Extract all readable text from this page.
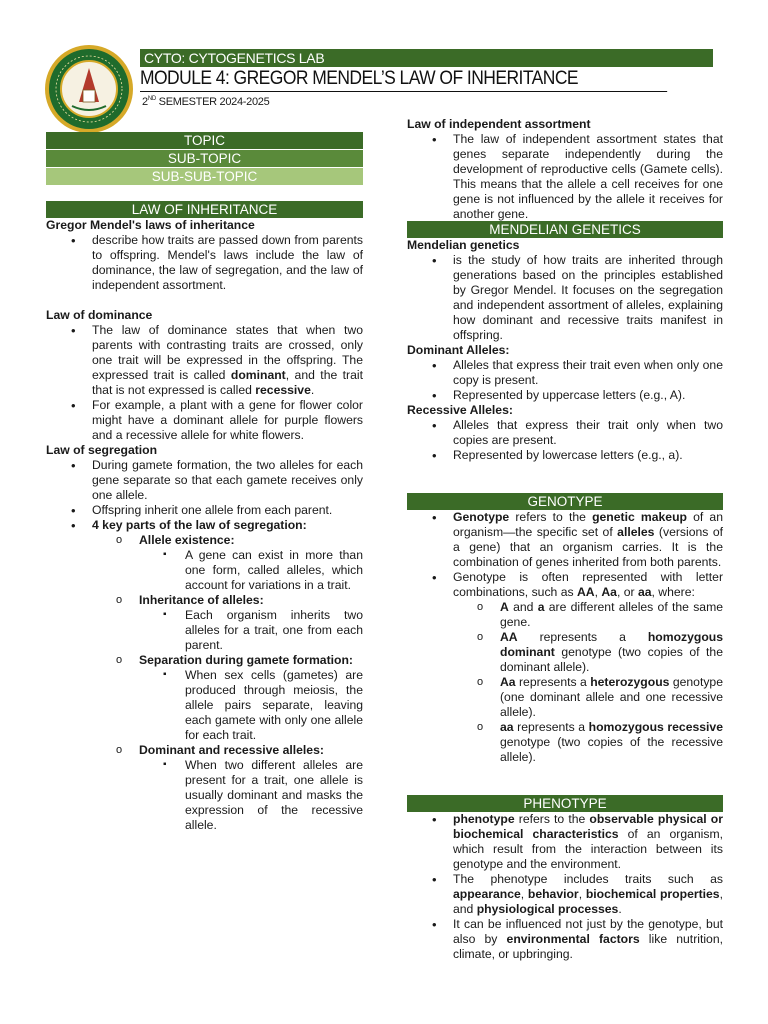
CYTO: CYTOGENETICS LAB
MODULE 4: GREGOR MENDEL’S LAW OF INHERITANCE
2ND SEMESTER 2024-2025
TOPIC
SUB-TOPIC
SUB-SUB-TOPIC
LAW OF INHERITANCE
Gregor Mendel's laws of inheritance
• describe how traits are passed down from parents to offspring. Mendel's laws include the law of dominance, the law of segregation, and the law of independent assortment.
Law of dominance
• The law of dominance states that when two parents with contrasting traits are crossed, only one trait will be expressed in the offspring. The expressed trait is called dominant, and the trait that is not expressed is called recessive.
• For example, a plant with a gene for flower color might have a dominant allele for purple flowers and a recessive allele for white flowers.
Law of segregation
• During gamete formation, the two alleles for each gene separate so that each gamete receives only one allele.
• Offspring inherit one allele from each parent.
• 4 key parts of the law of segregation:
o Allele existence:
▪ A gene can exist in more than one form, called alleles, which account for variations in a trait.
o Inheritance of alleles:
▪ Each organism inherits two alleles for a trait, one from each parent.
o Separation during gamete formation:
▪ When sex cells (gametes) are produced through meiosis, the allele pairs separate, leaving each gamete with only one allele for each trait.
o Dominant and recessive alleles:
▪ When two different alleles are present for a trait, one allele is usually dominant and masks the expression of the recessive allele.
Law of independent assortment
• The law of independent assortment states that genes separate independently during the development of reproductive cells (Gamete cells). This means that the allele a cell receives for one gene is not influenced by the allele it receives for another gene.
MENDELIAN GENETICS
Mendelian genetics
• is the study of how traits are inherited through generations based on the principles established by Gregor Mendel. It focuses on the segregation and independent assortment of alleles, explaining how dominant and recessive traits manifest in offspring.
Dominant Alleles:
• Alleles that express their trait even when only one copy is present.
• Represented by uppercase letters (e.g., A).
Recessive Alleles:
• Alleles that express their trait only when two copies are present.
• Represented by lowercase letters (e.g., a).
GENOTYPE
• Genotype refers to the genetic makeup of an organism—the specific set of alleles (versions of a gene) that an organism carries. It is the combination of genes inherited from both parents.
• Genotype is often represented with letter combinations, such as AA, Aa, or aa, where:
o A and a are different alleles of the same gene.
o AA represents a homozygous dominant genotype (two copies of the dominant allele).
o Aa represents a heterozygous genotype (one dominant allele and one recessive allele).
o aa represents a homozygous recessive genotype (two copies of the recessive allele).
PHENOTYPE
• phenotype refers to the observable physical or biochemical characteristics of an organism, which result from the interaction between its genotype and the environment.
• The phenotype includes traits such as appearance, behavior, biochemical properties, and physiological processes.
• It can be influenced not just by the genotype, but also by environmental factors like nutrition, climate, or upbringing.
